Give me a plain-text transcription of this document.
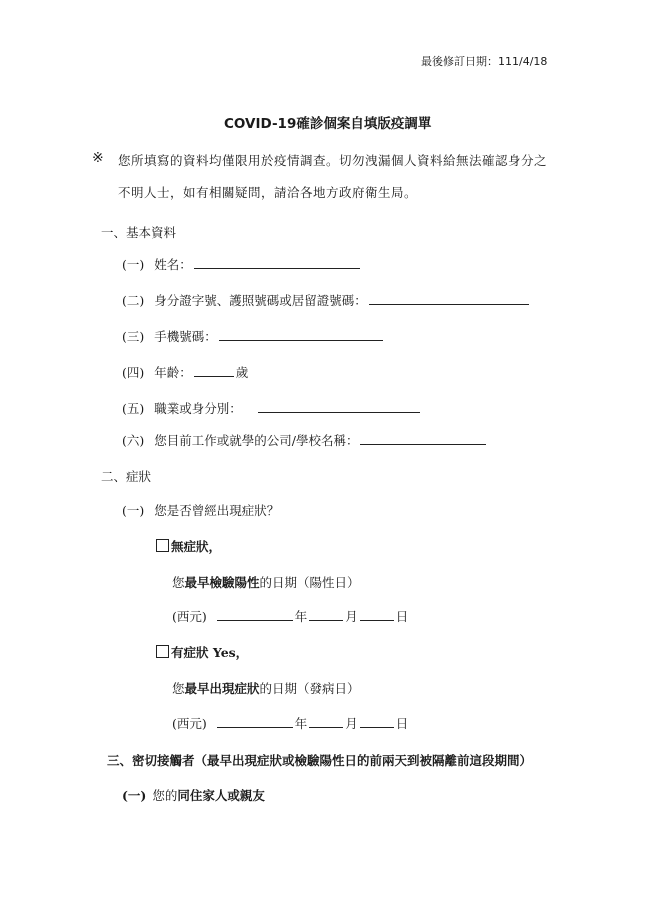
最後修訂日期：111/4/18
COVID-19確診個案自填版疫調單
※ 您所填寫的資料均僅限用於疫情調查。切勿洩漏個人資料給無法確認身分之
不明人士，如有相關疑問，請洽各地方政府衛生局。
一、基本資料
(一) 姓名：
(二) 身分證字號、護照號碼或居留證號碼：
(三) 手機號碼：
(四) 年齡：	歲
(五) 職業或身分別：
(六) 您目前工作或就學的公司/學校名稱：
二、症狀
(一) 您是否曾經出現症狀？
無症狀，
您最早檢驗陽性的日期（陽性日）
(西元)	年	月	日
有症狀 Yes，
您最早出現症狀的日期（發病日）
(西元)	年	月	日
三、密切接觸者（最早出現症狀或檢驗陽性日的前兩天到被隔離前這段期間）
(一) 您的同住家人或親友
